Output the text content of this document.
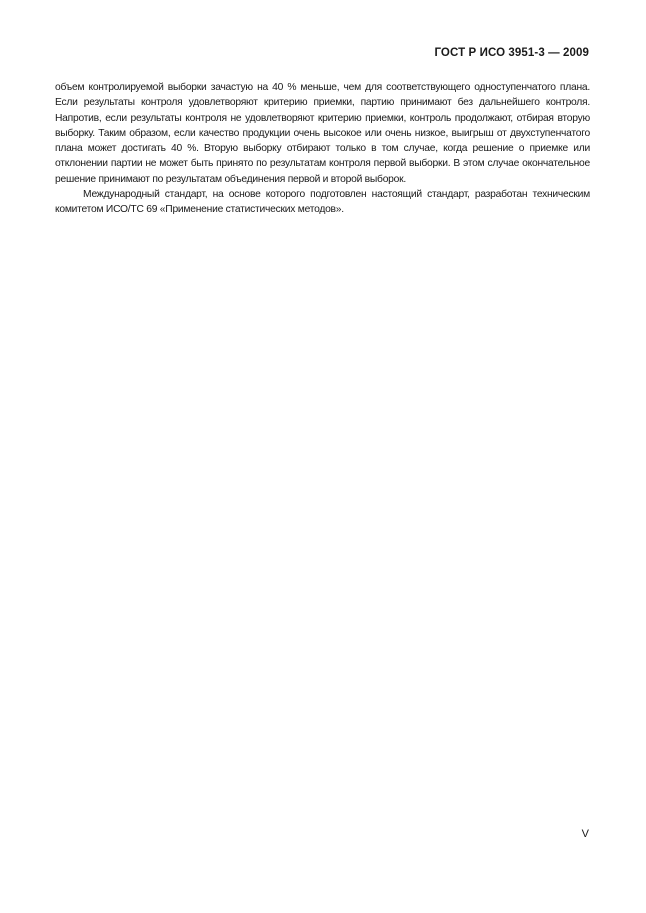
ГОСТ Р ИСО 3951-3 — 2009

объем контролируемой выборки зачастую на 40 % меньше, чем для соответствующего одноступенчатого плана. Если результаты контроля удовлетворяют критерию приемки, партию принимают без дальнейшего контроля. Напротив, если результаты контроля не удовлетворяют критерию приемки, контроль продолжают, отбирая вторую выборку. Таким образом, если качество продукции очень высокое или очень низкое, выигрыш от двухступенчатого плана может достигать 40 %. Вторую выборку отбирают только в том случае, когда решение о приемке или отклонении партии не может быть принято по результатам контроля первой выборки. В этом случае окончательное решение принимают по результатам объединения первой и второй выборок.

Международный стандарт, на основе которого подготовлен настоящий стандарт, разработан техническим комитетом ИСО/ТС 69 «Применение статистических методов».

V
